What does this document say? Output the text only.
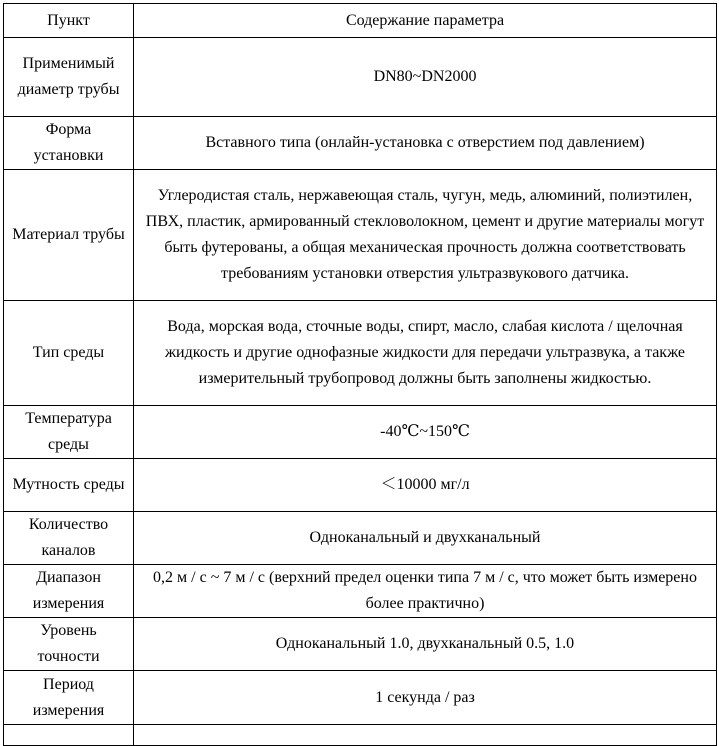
Пункт	Содержание параметра
Применимый диаметр трубы	DN80~DN2000
Форма установки	Вставного типа (онлайн-установка с отверстием под давлением)
Материал трубы	Углеродистая сталь, нержавеющая сталь, чугун, медь, алюминий, полиэтилен, ПВХ, пластик, армированный стекловолокном, цемент и другие материалы могут быть футерованы, а общая механическая прочность должна соответствовать требованиям установки отверстия ультразвукового датчика.
Тип среды	Вода, морская вода, сточные воды, спирт, масло, слабая кислота / щелочная жидкость и другие однофазные жидкости для передачи ультразвука, а также измерительный трубопровод должны быть заполнены жидкостью.
Температура среды	-40℃~150℃
Мутность среды	＜10000 мг/л
Количество каналов	Одноканальный и двухканальный
Диапазон измерения	0,2 м / с ~ 7 м / с (верхний предел оценки типа 7 м / с, что может быть измерено более практично)
Уровень точности	Одноканальный 1.0, двухканальный 0.5, 1.0
Период измерения	1 секунда / раз
